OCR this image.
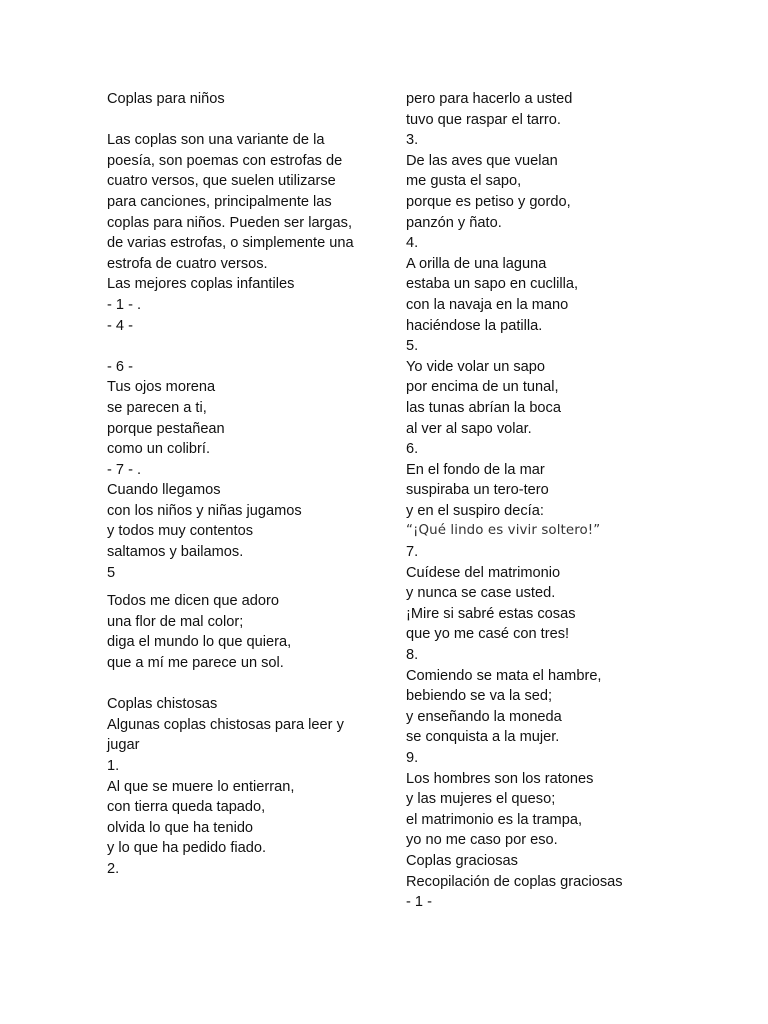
Coplas para niños
Las coplas son una variante de la
poesía, son poemas con estrofas de
cuatro versos, que suelen utilizarse
para canciones, principalmente las
coplas para niños. Pueden ser largas,
de varias estrofas, o simplemente una
estrofa de cuatro versos.
Las mejores coplas infantiles
- 1 - .
- 4 -
- 6 -
Tus ojos morena
se parecen a ti,
porque pestañean
como un colibrí.
- 7 - .
Cuando llegamos
con los niños y niñas jugamos
y todos muy contentos
saltamos y bailamos.
5
Todos me dicen que adoro
una flor de mal color;
diga el mundo lo que quiera,
que a mí me parece un sol.
Coplas chistosas
Algunas coplas chistosas para leer y
jugar
1.
Al que se muere lo entierran,
con tierra queda tapado,
olvida lo que ha tenido
y lo que ha pedido fiado.
2.
pero para hacerlo a usted
tuvo que raspar el tarro.
3.
De las aves que vuelan
me gusta el sapo,
porque es petiso y gordo,
panzón y ñato.
4.
A orilla de una laguna
estaba un sapo en cuclilla,
con la navaja en la mano
haciéndose la patilla.
5.
Yo vide volar un sapo
por encima de un tunal,
las tunas abrían la boca
al ver al sapo volar.
6.
En el fondo de la mar
suspiraba un tero-tero
y en el suspiro decía:
“¡Qué lindo es vivir soltero!”
7.
Cuídese del matrimonio
y nunca se case usted.
¡Mire si sabré estas cosas
que yo me casé con tres!
8.
Comiendo se mata el hambre,
bebiendo se va la sed;
y enseñando la moneda
se conquista a la mujer.
9.
Los hombres son los ratones
y las mujeres el queso;
el matrimonio es la trampa,
yo no me caso por eso.
Coplas graciosas
Recopilación de coplas graciosas
- 1 -
